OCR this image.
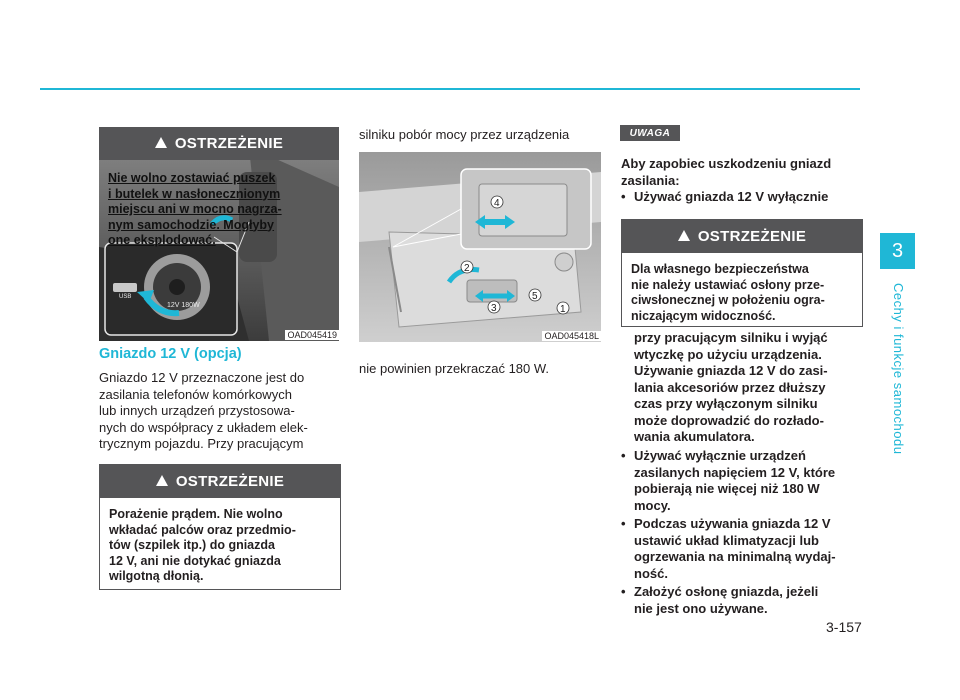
3
Cechy i funkcje samochodu
USB
12V 180W
OAD045419
OSTRZEŻENIE
Nie wolno zostawiać puszek
i butelek w nasłonecznionym
miejscu ani w mocno nagrza-
nym samochodzie. Mogłyby
one eksplodować.
Gniazdo 12 V (opcja)
Gniazdo 12 V przeznaczone jest do
zasilania telefonów komórkowych
lub innych urządzeń przystosowa-
nych do współpracy z układem elek-
trycznym pojazdu. Przy pracującym
OSTRZEŻENIE
Porażenie prądem. Nie wolno
wkładać palców oraz przedmio-
tów (szpilek itp.) do gniazda
12 V, ani nie dotykać gniazda
wilgotną dłonią.
silniku pobór mocy przez urządzenia
4
2
5
3	1
OAD045418L
nie powinien przekraczać 180 W.
UWAGA
Aby zapobiec uszkodzeniu gniazd
zasilania:
• Używać gniazda 12 V wyłącznie
OSTRZEŻENIE
Dla własnego bezpieczeństwa
nie należy ustawiać osłony prze-
ciwsłonecznej w położeniu ogra-
niczającym widoczność.
przy pracującym silniku i wyjąć
wtyczkę po użyciu urządzenia.
Używanie gniazda 12 V do zasi-
lania akcesoriów przez dłuższy
czas przy wyłączonym silniku
może doprowadzić do rozłado-
wania akumulatora.
• Używać wyłącznie urządzeń
zasilanych napięciem 12 V, które
pobierają nie więcej niż 180 W
mocy.
• Podczas używania gniazda 12 V
ustawić układ klimatyzacji lub
ogrzewania na minimalną wydaj-
ność.
• Założyć osłonę gniazda, jeżeli
nie jest ono używane.
3-157
